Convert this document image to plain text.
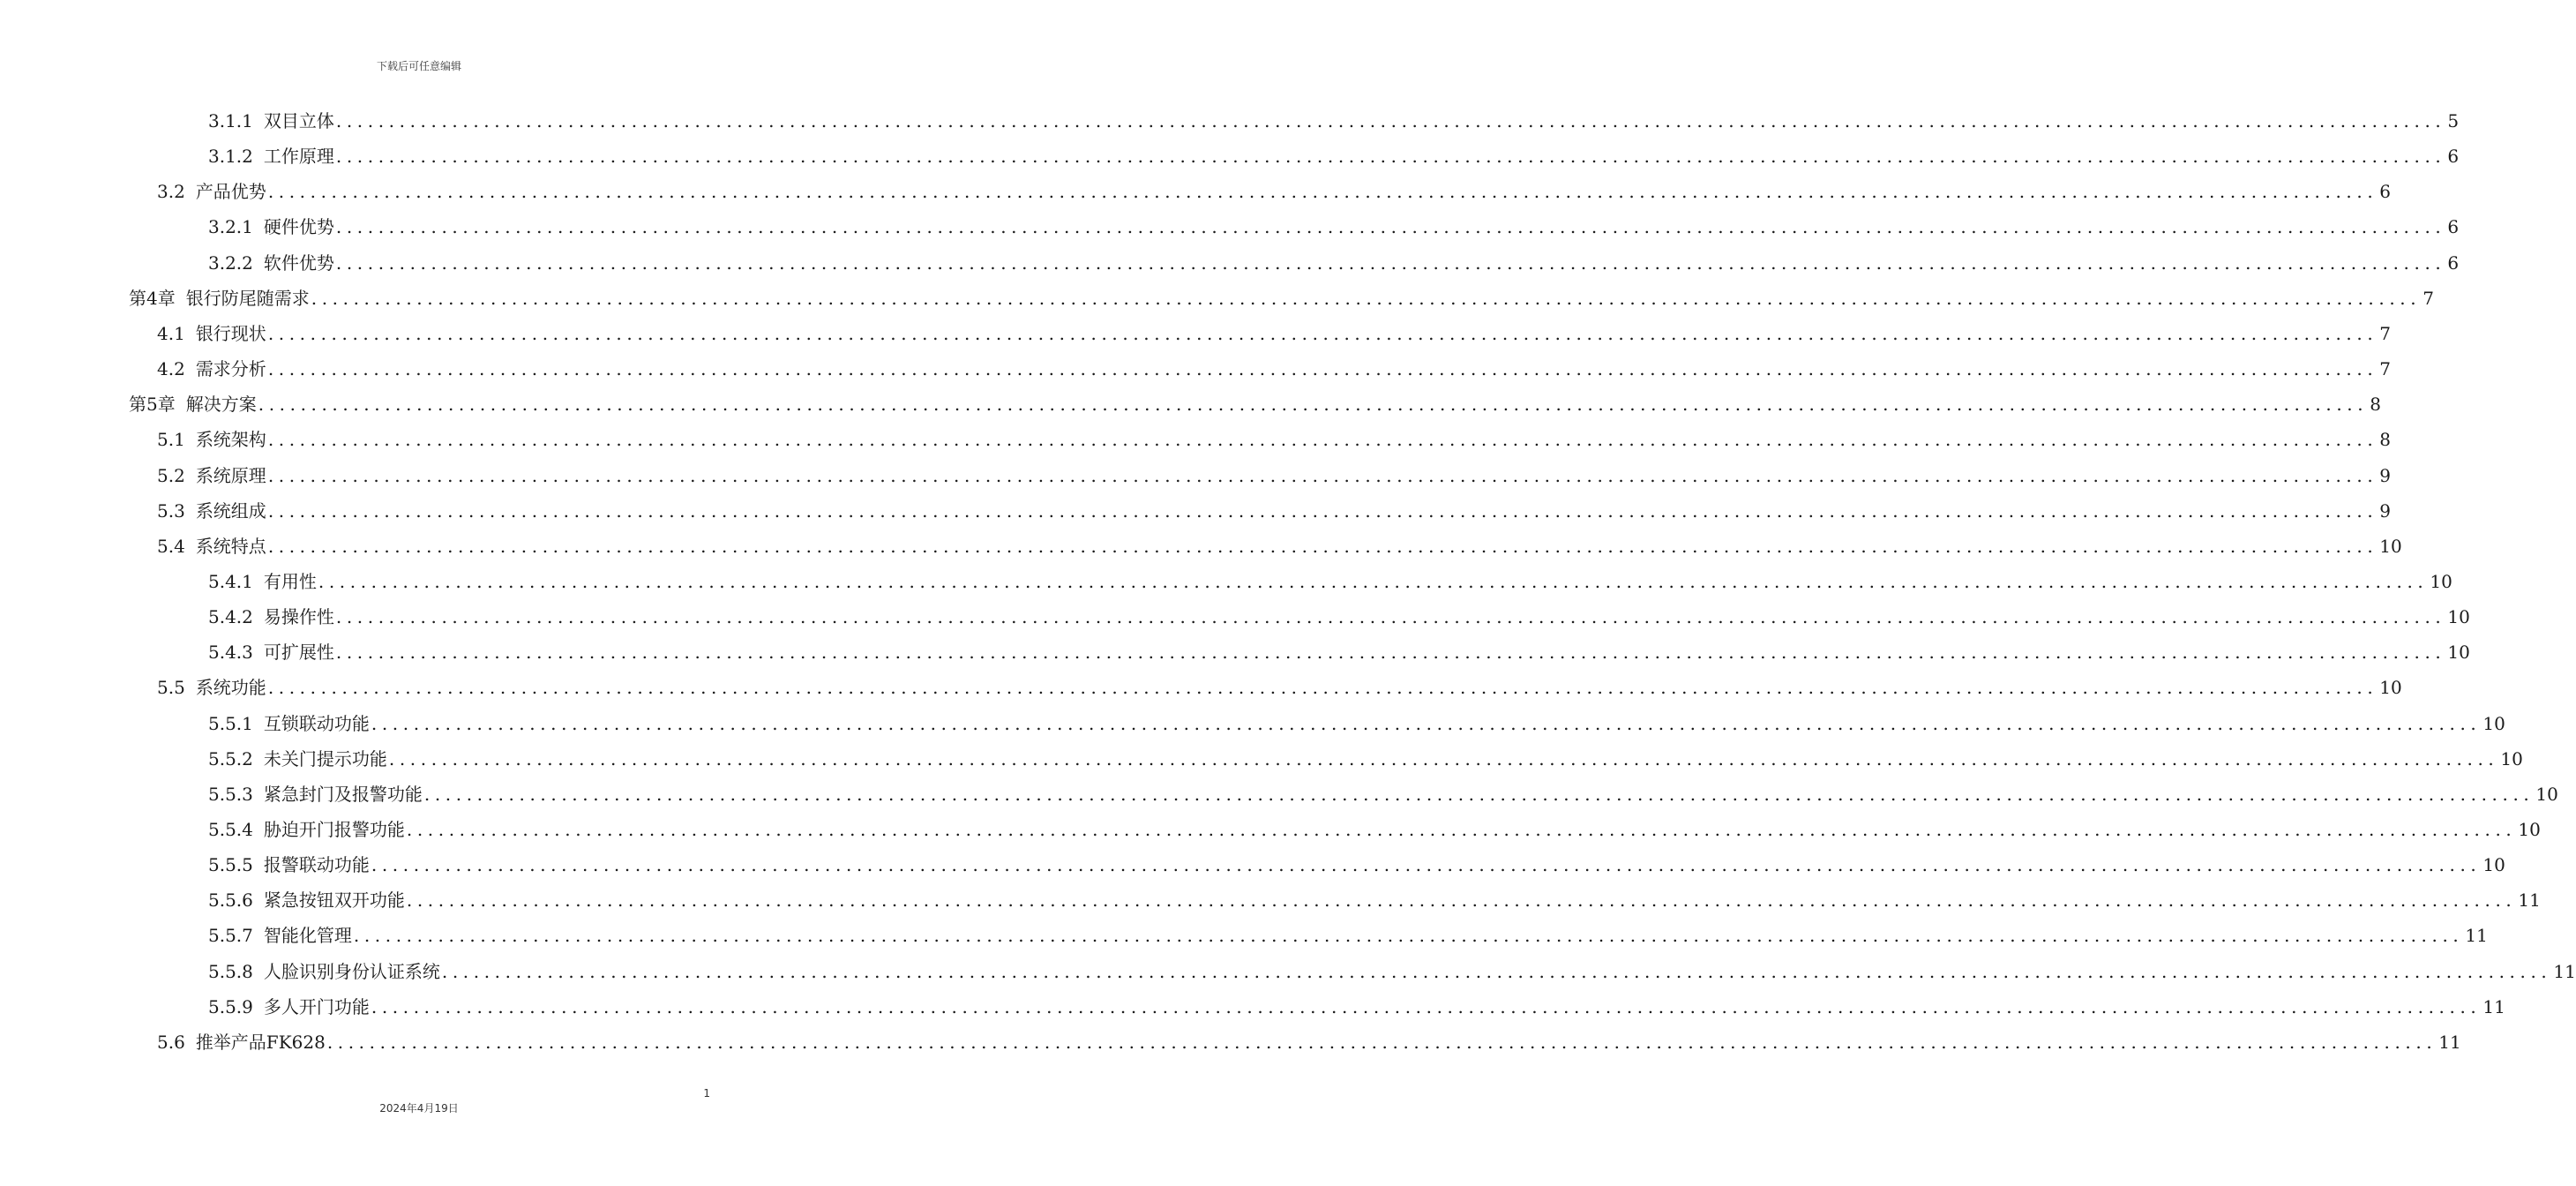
下载后可任意编辑
3.1.1 双目立体 ........................................................................................................................................................................................................ 5
3.1.2 工作原理 ........................................................................................................................................................................................................ 6
3.2 产品优势 ........................................................................................................................................................................................................ 6
3.2.1 硬件优势 ........................................................................................................................................................................................................ 6
3.2.2 软件优势 ........................................................................................................................................................................................................ 6
第4章 银行防尾随需求 ........................................................................................................................................................................................................ 7
4.1 银行现状 ........................................................................................................................................................................................................ 7
4.2 需求分析 ........................................................................................................................................................................................................ 7
第5章 解决方案 ........................................................................................................................................................................................................ 8
5.1 系统架构 ........................................................................................................................................................................................................ 8
5.2 系统原理 ........................................................................................................................................................................................................ 9
5.3 系统组成 ........................................................................................................................................................................................................ 9
5.4 系统特点 ........................................................................................................................................................................................................ 10
5.4.1 有用性 ........................................................................................................................................................................................................ 10
5.4.2 易操作性 ........................................................................................................................................................................................................ 10
5.4.3 可扩展性 ........................................................................................................................................................................................................ 10
5.5 系统功能 ........................................................................................................................................................................................................ 10
5.5.1 互锁联动功能 ........................................................................................................................................................................................................ 10
5.5.2 未关门提示功能 ........................................................................................................................................................................................................ 10
5.5.3 紧急封门及报警功能 ........................................................................................................................................................................................................ 10
5.5.4 胁迫开门报警功能 ........................................................................................................................................................................................................ 10
5.5.5 报警联动功能 ........................................................................................................................................................................................................ 10
5.5.6 紧急按钮双开功能 ........................................................................................................................................................................................................ 11
5.5.7 智能化管理 ........................................................................................................................................................................................................ 11
5.5.8 人脸识别身份认证系统 ........................................................................................................................................................................................................ 11
5.5.9 多人开门功能 ........................................................................................................................................................................................................ 11
5.6 推举产品FK628 ........................................................................................................................................................................................................ 11
1
2024年4月19日
